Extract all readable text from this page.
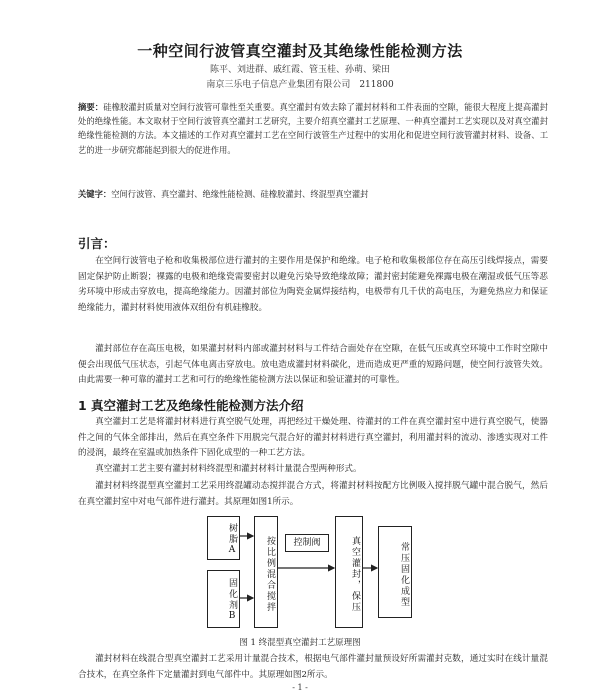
一种空间行波管真空灌封及其绝缘性能检测方法
陈平、刘进群、戚红霞、管玉桂、孙萌、梁田
南京三乐电子信息产业集团有限公司　211800
摘要：硅橡胶灌封质量对空间行波管可靠性至关重要。真空灌封有效去除了灌封材料和工件表面的空隙，能很大程度上提高灌封处的绝缘性能。本文取材于空间行波管真空灌封工艺研究，主要介绍真空灌封工艺原理、一种真空灌封工艺实现以及对真空灌封绝缘性能检测的方法。本文描述的工作对真空灌封工艺在空间行波管生产过程中的实用化和促进空间行波管灌封材料、设备、工艺的进一步研究都能起到很大的促进作用。
关键字：空间行波管、真空灌封、绝缘性能检测、硅橡胶灌封、终混型真空灌封
引言：
在空间行波管电子枪和收集极部位进行灌封的主要作用是保护和绝缘。电子枪和收集极部位存在高压引线焊接点，需要固定保护防止断裂；裸露的电极和绝缘瓷需要密封以避免污染导致绝缘故障；灌封密封能避免裸露电极在潮湿或低气压等恶劣环境中形成击穿放电，提高绝缘能力。因灌封部位为陶瓷金属焊接结构，电极带有几千伏的高电压，为避免热应力和保证绝缘能力，灌封材料使用液体双组份有机硅橡胶。
灌封部位存在高压电极，如果灌封材料内部或灌封材料与工件结合面处存在空隙，在低气压或真空环境中工作时空隙中便会出现低气压状态，引起气体电离击穿放电。放电造成灌封材料碳化，进而造成更严重的短路问题，使空间行波管失效。由此需要一种可靠的灌封工艺和可行的绝缘性能检测方法以保证和验证灌封的可靠性。
1 真空灌封工艺及绝缘性能检测方法介绍
真空灌封工艺是将灌封材料进行真空脱气处理，再把经过干燥处理、待灌封的工件在真空灌封室中进行真空脱气，使器件之间的气体全部排出，然后在真空条件下用脱完气混合好的灌封材料进行真空灌封，利用灌封料的流动、渗透实现对工件的浸润，最终在室温或加热条件下固化成型的一种工艺方法。
真空灌封工艺主要有灌封材料终混型和灌封材料计量混合型两种形式。
灌封材料终混型真空灌封工艺采用终混罐动态搅拌混合方式，将灌封材料按配方比例吸入搅拌脱气罐中混合脱气，然后在真空灌封室中对电气部件进行灌封。其原理如图1所示。
树脂A
固化剂B	按比例混合搅拌	控制阀	真空灌封，保压	常压固化成型
图 1 终混型真空灌封工艺原理图
灌封材料在线混合型真空灌封工艺采用计量混合技术，根据电气部件灌封量预设好所需灌封克数，通过实时在线计量混合技术，在真空条件下定量灌封到电气部件中。其原理如图2所示。
- 1 -
